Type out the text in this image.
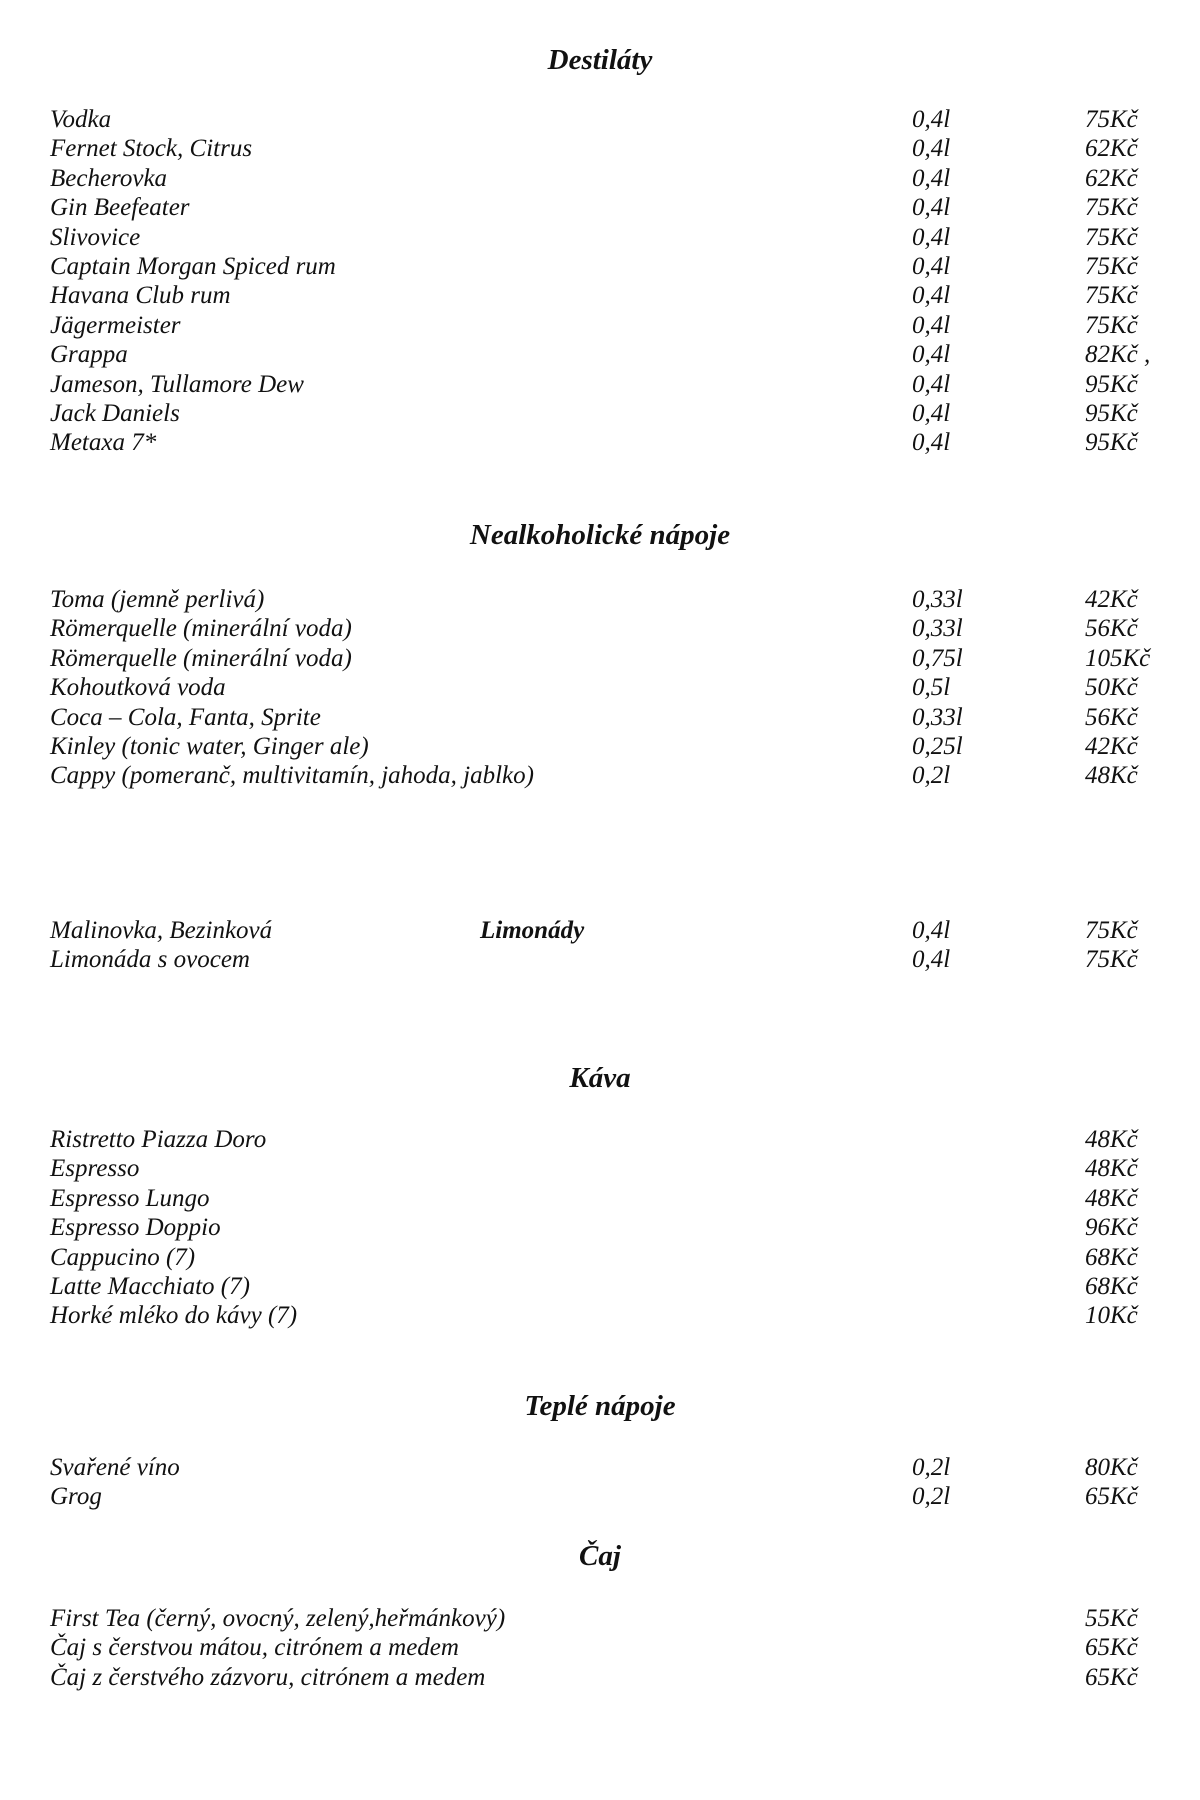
Destiláty
Vodka	0,4l	75Kč
Fernet Stock, Citrus	0,4l	62Kč
Becherovka	0,4l	62Kč
Gin Beefeater	0,4l	75Kč
Slivovice	0,4l	75Kč
Captain Morgan Spiced rum	0,4l	75Kč
Havana Club rum	0,4l	75Kč
Jägermeister	0,4l	75Kč
Grappa	0,4l	82Kč ,
Jameson, Tullamore Dew	0,4l	95Kč
Jack Daniels	0,4l	95Kč
Metaxa 7*	0,4l	95Kč
Nealkoholické nápoje
Toma (jemně perlivá)	0,33l	42Kč
Römerquelle (minerální voda)	0,33l	56Kč
Römerquelle (minerální voda)	0,75l	105Kč
Kohoutková voda	0,5l	50Kč
Coca – Cola, Fanta, Sprite	0,33l	56Kč
Kinley (tonic water, Ginger ale)	0,25l	42Kč
Cappy (pomeranč, multivitamín, jahoda, jablko)	0,2l	48Kč
Malinovka, Bezinková	Limonády	0,4l	75Kč
Limonáda s ovocem	0,4l	75Kč
Káva
Ristretto Piazza Doro	48Kč
Espresso	48Kč
Espresso Lungo	48Kč
Espresso Doppio	96Kč
Cappucino (7)	68Kč
Latte Macchiato (7)	68Kč
Horké mléko do kávy (7)	10Kč
Teplé nápoje
Svařené víno	0,2l	80Kč
Grog	0,2l	65Kč
Čaj
First Tea (černý, ovocný, zelený,heřmánkový)	55Kč
Čaj s čerstvou mátou, citrónem a medem	65Kč
Čaj z čerstvého zázvoru, citrónem a medem	65Kč
